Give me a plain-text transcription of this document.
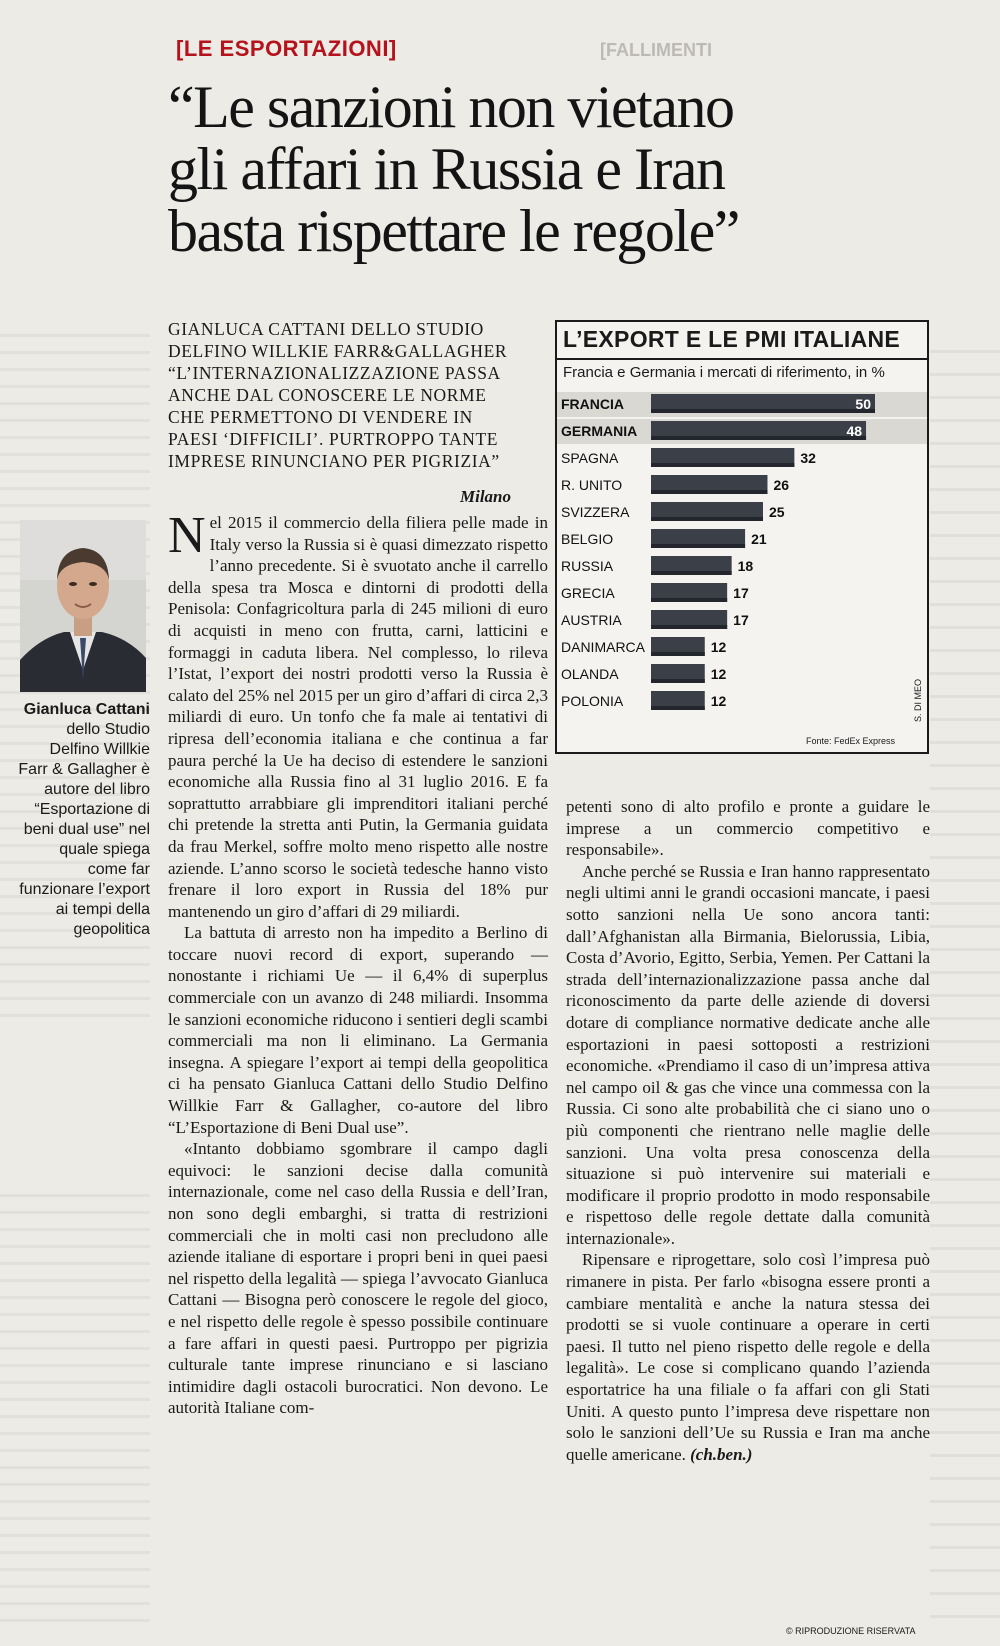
[FALLIMENTI
[LE ESPORTAZIONI]
“Le sanzioni non vietano
gli affari in Russia e Iran
basta rispettare le regole”
GIANLUCA CATTANI DELLO STUDIO
DELFINO WILLKIE FARR&GALLAGHER
“L’INTERNAZIONALIZZAZIONE PASSA
ANCHE DAL CONOSCERE LE NORME
CHE PERMETTONO DI VENDERE IN
PAESI ‘DIFFICILI’. PURTROPPO TANTE
IMPRESE RINUNCIANO PER PIGRIZIA”
Milano
Gianluca Cattani dello Studio Delfino Willkie Farr & Gallagher è autore del libro “Esportazione di beni dual use” nel quale spiega come far funzionare l’export ai tempi della geopolitica

Nel 2015 il commercio della filiera pelle made in Italy verso la Russia si è quasi dimezzato rispetto l’anno precedente. Si è svuotato anche il carrello della spesa tra Mosca e dintorni di prodotti della Penisola: Confagricoltura parla di 245 milioni di euro di acquisti in meno con frutta, carni, latticini e formaggi in caduta libera. Nel complesso, lo rileva l’Istat, l’export dei nostri prodotti verso la Russia è calato del 25% nel 2015 per un giro d’affari di circa 2,3 miliardi di euro. Un tonfo che fa male ai tentativi di ripresa dell’economia italiana e che continua a far paura perché la Ue ha deciso di estendere le sanzioni economiche alla Russia fino al 31 luglio 2016. E fa soprattutto arrabbiare gli imprenditori italiani perché chi pretende la stretta anti Putin, la Germania guidata da frau Merkel, soffre molto meno rispetto alle nostre aziende. L’anno scorso le società tedesche hanno visto frenare il loro export in Russia del 18% pur mantenendo un giro d’affari di 29 miliardi.

La battuta di arresto non ha impedito a Berlino di toccare nuovi record di export, superando — nonostante i richiami Ue — il 6,4% di superplus commerciale con un avanzo di 248 miliardi. Insomma le sanzioni economiche riducono i sentieri degli scambi commerciali ma non li eliminano. La Germania insegna. A spiegare l’export ai tempi della geopolitica ci ha pensato Gianluca Cattani dello Studio Delfino Willkie Farr & Gallagher, co-autore del libro “L’Esportazione di Beni Dual use”.

«Intanto dobbiamo sgombrare il campo dagli equivoci: le sanzioni decise dalla comunità internazionale, come nel caso della Russia e dell’Iran, non sono degli embarghi, si tratta di restrizioni commerciali che in molti casi non precludono alle aziende italiane di esportare i propri beni in quei paesi nel rispetto della legalità — spiega l’avvocato Gianluca Cattani — Bisogna però conoscere le regole del gioco, e nel rispetto delle regole è spesso possibile continuare a fare affari in questi paesi. Purtroppo per pigrizia culturale tante imprese rinunciano e si lasciano intimidire dagli ostacoli burocratici. Non devono. Le autorità Italiane com-

petenti sono di alto profilo e pronte a guidare le imprese a un commercio competitivo e responsabile».

Anche perché se Russia e Iran hanno rappresentato negli ultimi anni le grandi occasioni mancate, i paesi sotto sanzioni nella Ue sono ancora tanti: dall’Afghanistan alla Birmania, Bielorussia, Libia, Costa d’Avorio, Egitto, Serbia, Yemen. Per Cattani la strada dell’internazionalizzazione passa anche dal riconoscimento da parte delle aziende di doversi dotare di compliance normative dedicate anche alle esportazioni in paesi sottoposti a restrizioni economiche. «Prendiamo il caso di un’impresa attiva nel campo oil & gas che vince una commessa con la Russia. Ci sono alte probabilità che ci siano uno o più componenti che rientrano nelle maglie delle sanzioni. Una volta presa conoscenza della situazione si può intervenire sui materiali e modificare il proprio prodotto in modo responsabile e rispettoso delle regole dettate dalla comunità internazionale».

Ripensare e riprogettare, solo così l’impresa può rimanere in pista. Per farlo «bisogna essere pronti a cambiare mentalità e anche la natura stessa dei prodotti se si vuole continuare a operare in certi paesi. Il tutto nel pieno rispetto delle regole e della legalità». Le cose si complicano quando l’azienda esportatrice ha una filiale o fa affari con gli Stati Uniti. A questo punto l’impresa deve rispettare non solo le sanzioni dell’Ue su Russia e Iran ma anche quelle americane. (ch.ben.)

L’EXPORT E LE PMI ITALIANE
Francia e Germania i mercati di riferimento, in %
FRANCIA	50
GERMANIA	48
SPAGNA	32
R. UNITO	26
SVIZZERA	25
BELGIO	21
RUSSIA	18
GRECIA	17
AUSTRIA	17
DANIMARCA	12
OLANDA	12
POLONIA	12
Fonte: FedEx Express
S. DI MEO
© RIPRODUZIONE RISERVATA
